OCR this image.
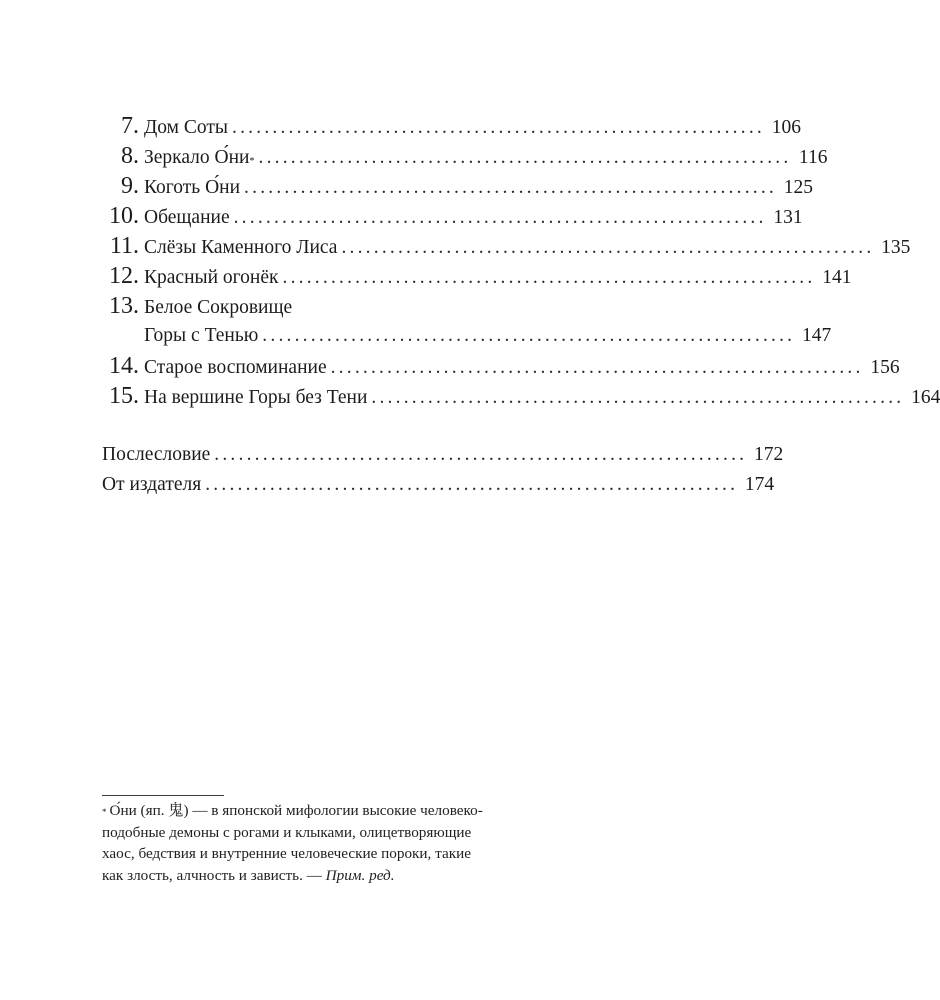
7. Дом Соты .................................................................. 106
8. Зеркало О́ни* .................................................................. 116
9. Коготь О́ни .................................................................. 125
10. Обещание .................................................................. 131
11. Слёзы Каменного Лиса .................................................................. 135
12. Красный огонёк .................................................................. 141
13. Белое Сокровище
Горы с Тенью .................................................................. 147
14. Старое воспоминание .................................................................. 156
15. На вершине Горы без Тени .................................................................. 164
Послесловие .................................................................. 172
От издателя .................................................................. 174
* О́ни (яп. 鬼) — в японской мифологии высокие человеко-
подобные демоны с рогами и клыками, олицетворяющие
хаос, бедствия и внутренние человеческие пороки, такие
как злость, алчность и зависть. — Прим. ред.
